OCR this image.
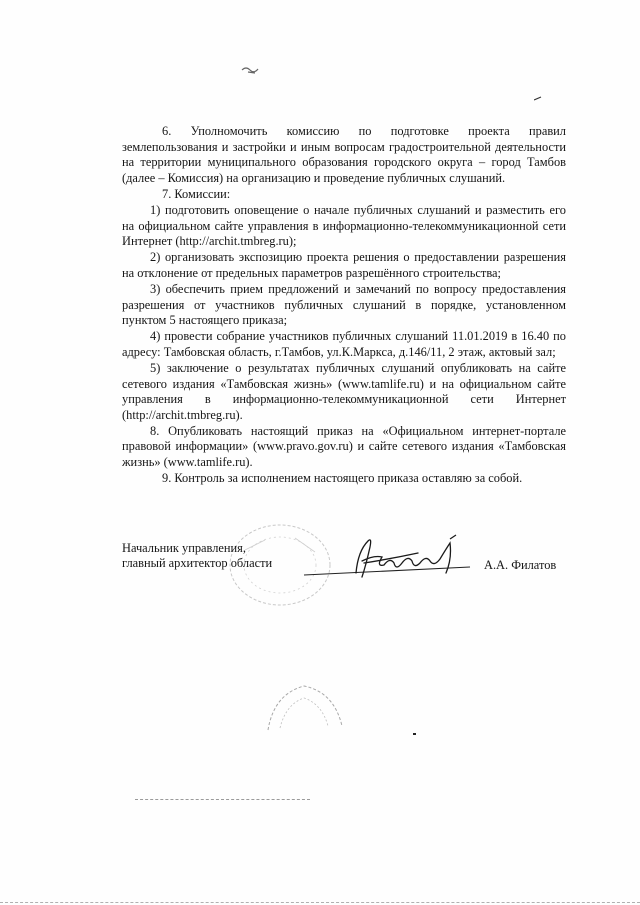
6. Уполномочить комиссию по подготовке проекта правил землепользования и застройки и иным вопросам градостроительной деятельности на территории муниципального образования городского округа – город Тамбов (далее – Комиссия) на организацию и проведение публичных слушаний.

7. Комиссии:

1) подготовить оповещение о начале публичных слушаний и разместить его на официальном сайте управления в информационно-телекоммуникационной сети Интернет (http://archit.tmbreg.ru);

2) организовать экспозицию проекта решения о предоставлении разрешения на отклонение от предельных параметров разрешённого строительства;

3) обеспечить прием предложений и замечаний по вопросу предоставления разрешения от участников публичных слушаний в порядке, установленном пунктом 5 настоящего приказа;

4) провести собрание участников публичных слушаний 11.01.2019 в 16.40 по адресу: Тамбовская область, г.Тамбов, ул.К.Маркса, д.146/11, 2 этаж, актовый зал;

5) заключение о результатах публичных слушаний опубликовать на сайте сетевого издания «Тамбовская жизнь» (www.tamlife.ru) и на официальном сайте управления в информационно-телекоммуникационной сети Интернет (http://archit.tmbreg.ru).

8. Опубликовать настоящий приказ на «Официальном интернет-портале правовой информации» (www.pravo.gov.ru) и сайте сетевого издания «Тамбовская жизнь» (www.tamlife.ru).

9. Контроль за исполнением настоящего приказа оставляю за собой.

Начальник управления,
главный архитектор области	А.А. Филатов
